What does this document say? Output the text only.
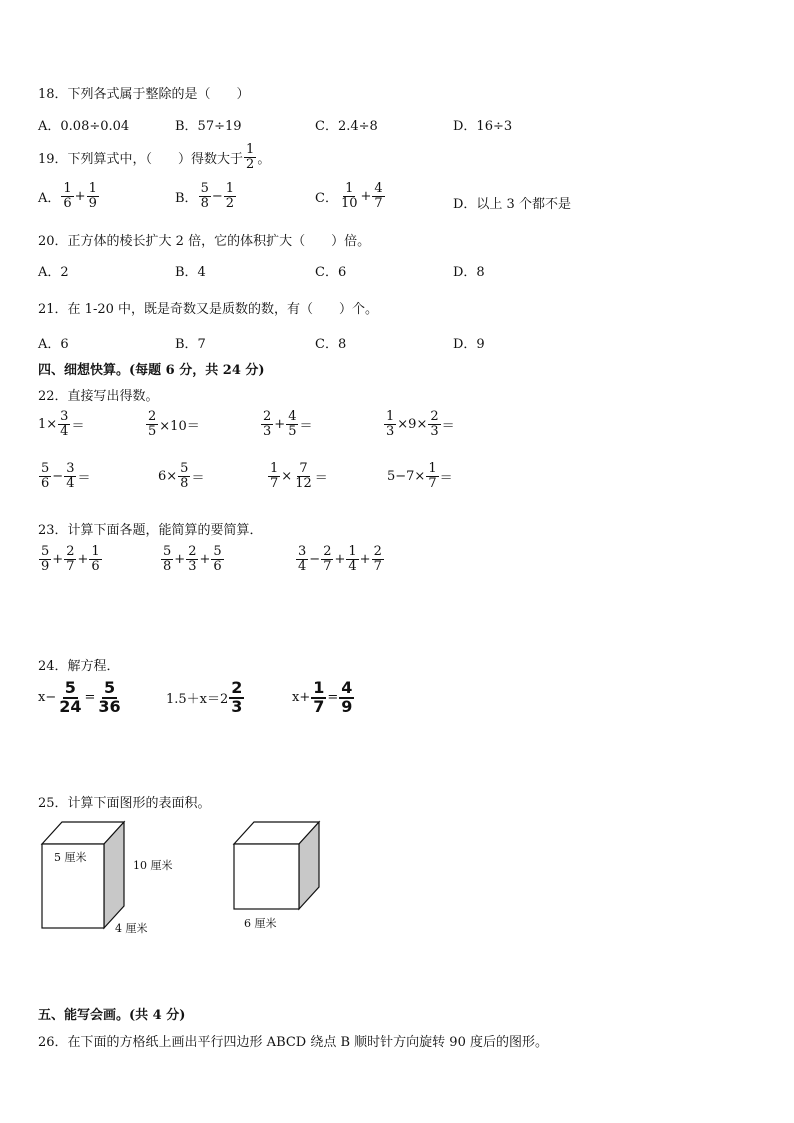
18．下列各式属于整除的是（　　）
A．0.08÷0.04	B．57÷19	C．2.4÷8	D．16÷3
19．下列算式中，（　　）得数大于 $\frac{1}{2}$ 。
A． $\frac{1}{6} + \frac{1}{9}$	B． $\frac{5}{8} - \frac{1}{2}$	C． $\frac{1}{10} + \frac{4}{7}$	D．以上 3 个都不是
20．正方体的棱长扩大 2 倍，它的体积扩大（　　）倍。
A．2	B．4	C．6	D．8
21．在 1-20 中，既是奇数又是质数的数，有（　　）个。
A．6	B．7	C．8	D．9
四、细想快算。(每题 6 分，共 24 分)
22．直接写出得数。
$1\times \frac{3}{4}$ ＝	$\frac{2}{5} \times 10=$	$\frac{2}{3} + \frac{4}{5}$ ＝	$\frac{1}{3} \times 9\times \frac{2}{3}$ ＝
$\frac{5}{6} - \frac{3}{4}$ ＝	$6\times \frac{5}{8}$ ＝	$\frac{1}{7} \times \frac{7}{12}$ ＝	$5-7\times \frac{1}{7}$ ＝
23．计算下面各题，能简算的要简算．
$\frac{5}{9} + \frac{2}{7} + \frac{1}{6}$	$\frac{5}{8} + \frac{2}{3} + \frac{5}{6}$	$\frac{3}{4} - \frac{2}{7} + \frac{1}{4} + \frac{2}{7}$
24．解方程．
$x- \frac{5}{24} = \frac{5}{36}$	$1.5+x=2 \frac{2}{3}$	$x+ \frac{1}{7} = \frac{4}{9}$
25．计算下面图形的表面积。
5 厘米
10 厘米
4 厘米	6 厘米
五、能写会画。(共 4 分)
26．在下面的方格纸上画出平行四边形 ABCD 绕点 B 顺时针方向旋转 90 度后的图形。
